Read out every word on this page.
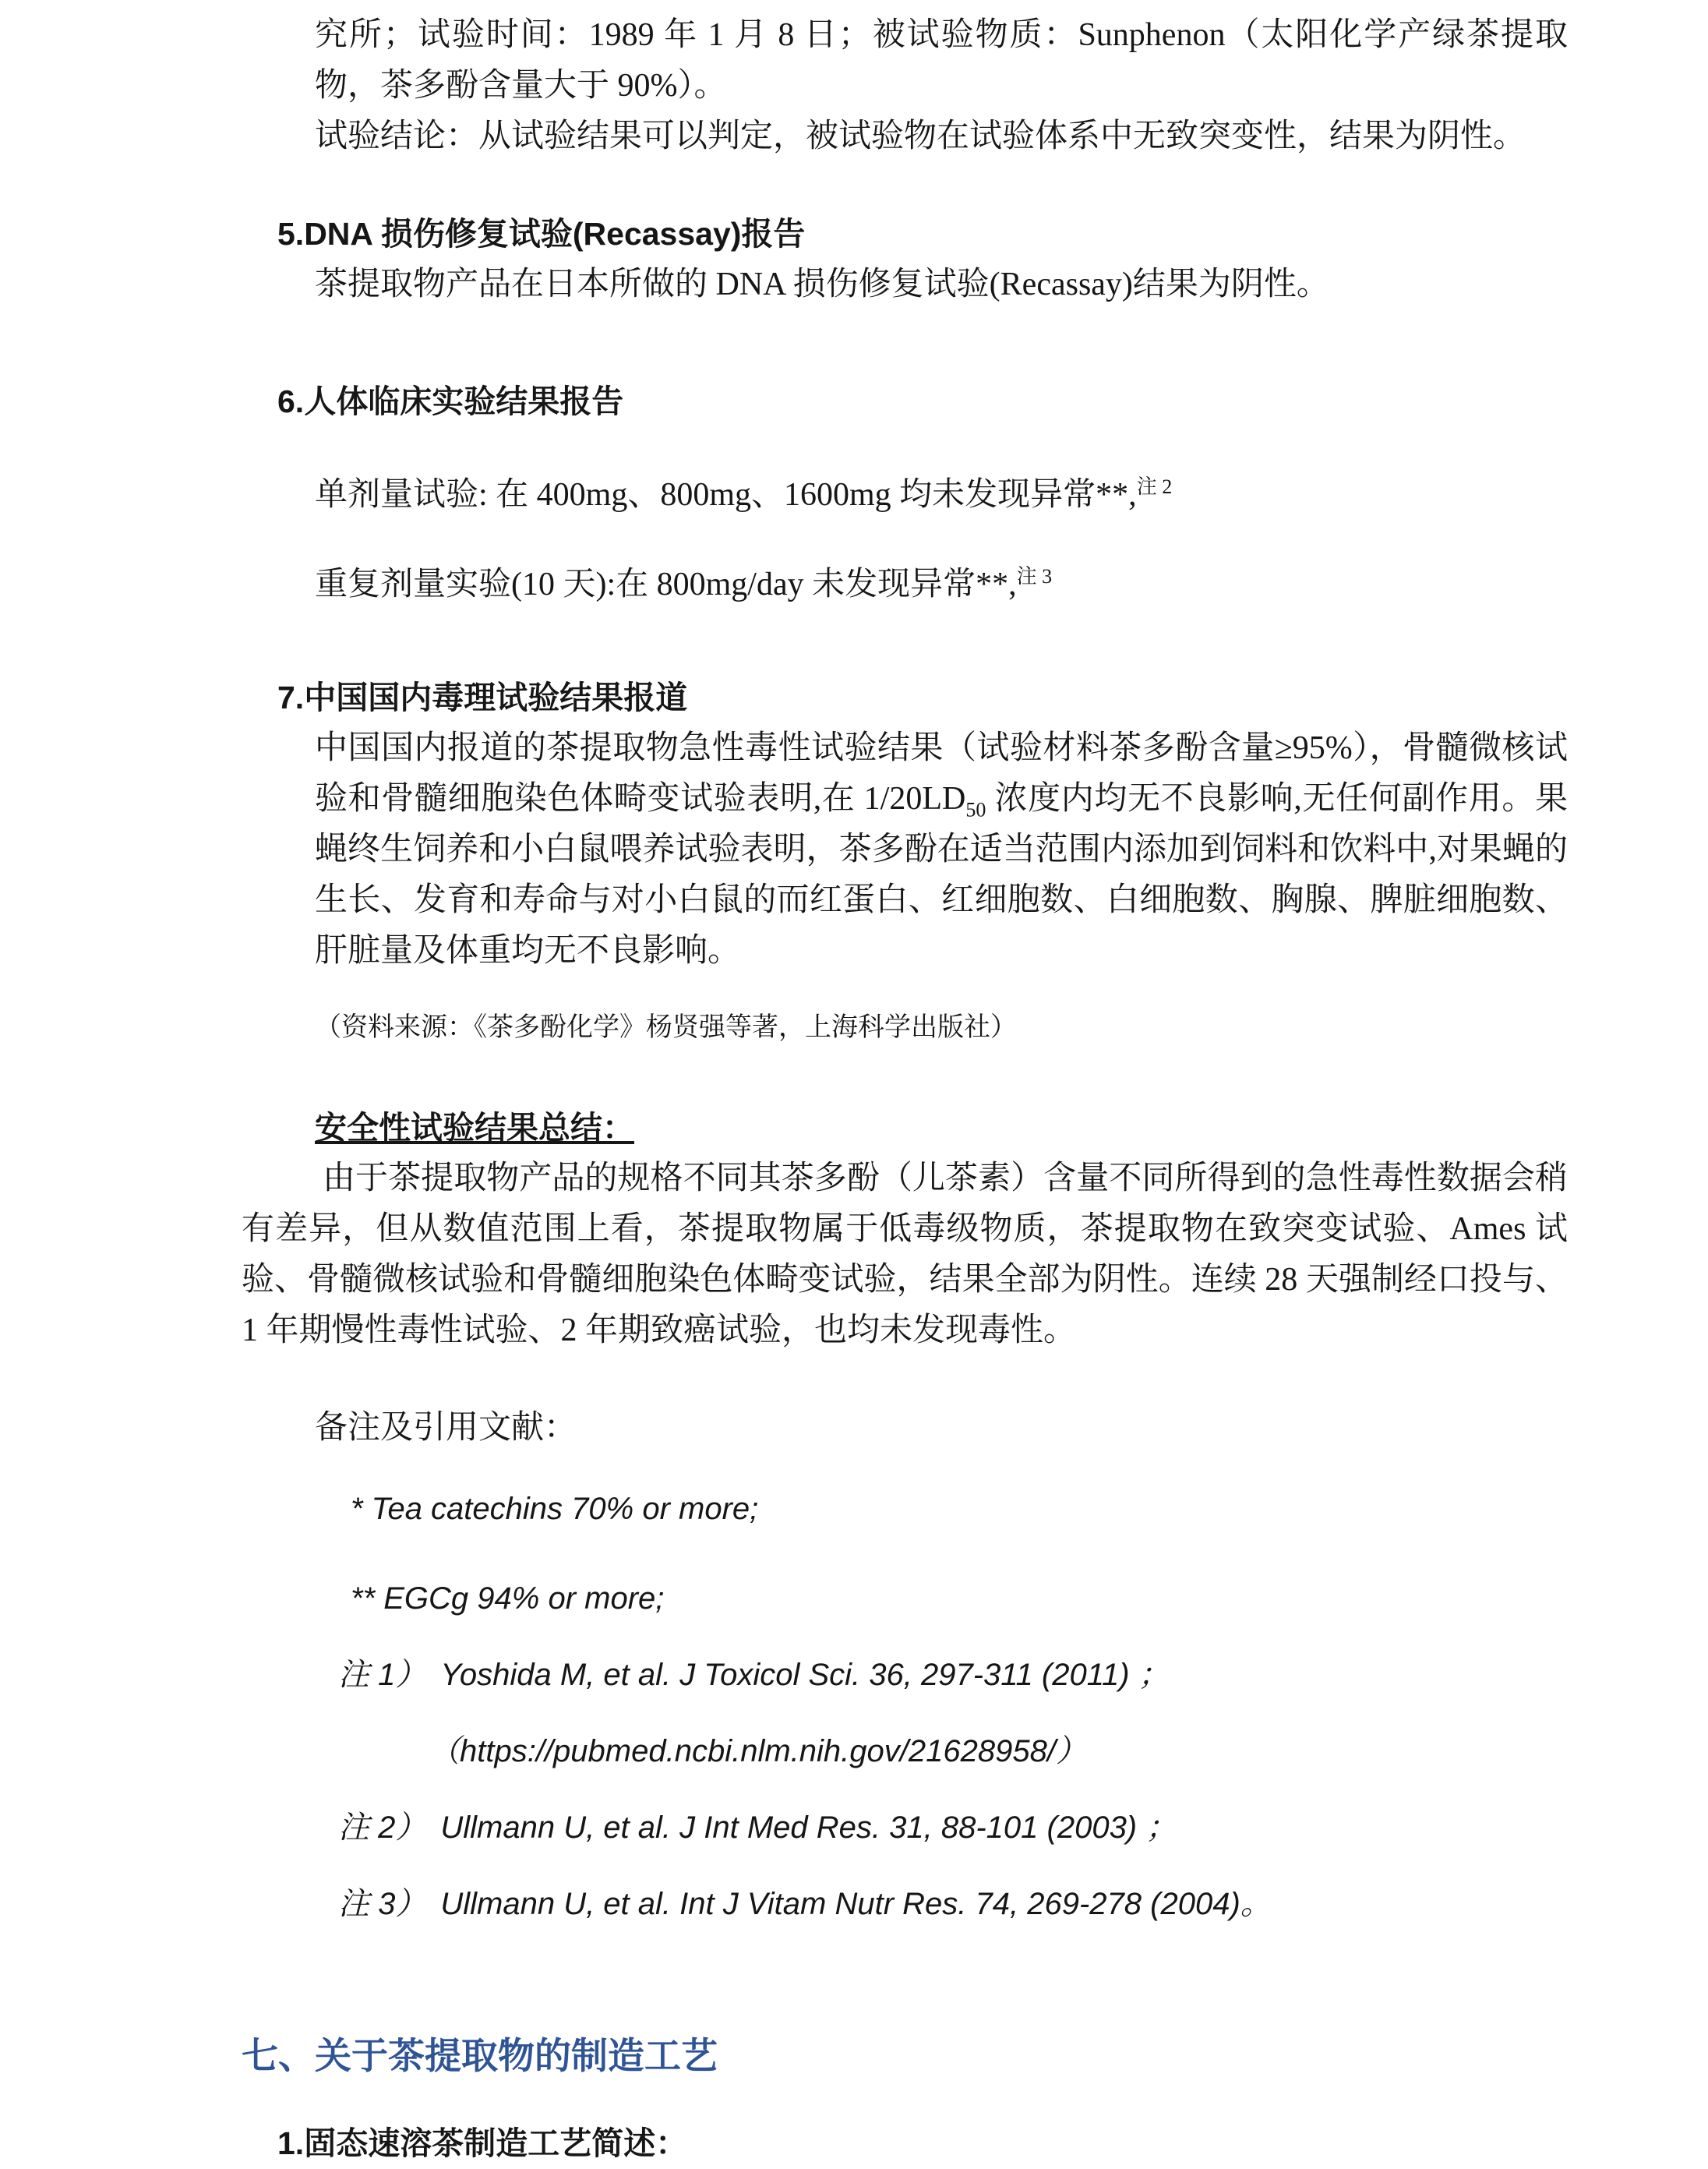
究所；试验时间：1989 年 1 月 8 日；被试验物质：Sunphenon（太阳化学产绿茶提取物，茶多酚含量大于 90%）。

试验结论：从试验结果可以判定，被试验物在试验体系中无致突变性，结果为阴性。

5.DNA 损伤修复试验(Recassay)报告

茶提取物产品在日本所做的 DNA 损伤修复试验(Recassay)结果为阴性。

6.人体临床实验结果报告

单剂量试验: 在 400mg、800mg、1600mg 均未发现异常**,$^{注 2}$

重复剂量实验(10 天):在 800mg/day 未发现异常**,$^{注 3}$

7.中国国内毒理试验结果报道

中国国内报道的茶提取物急性毒性试验结果（试验材料茶多酚含量≥95%），骨髓微核试验和骨髓细胞染色体畸变试验表明,在 $1/20LD_{50}$ 浓度内均无不良影响,无任何副作用。果蝇终生饲养和小白鼠喂养试验表明，茶多酚在适当范围内添加到饲料和饮料中,对果蝇的生长、发育和寿命与对小白鼠的而红蛋白、红细胞数、白细胞数、胸腺、脾脏细胞数、肝脏量及体重均无不良影响。

（资料来源：《茶多酚化学》杨贤强等著，上海科学出版社）

安全性试验结果总结：

由于茶提取物产品的规格不同其茶多酚（儿茶素）含量不同所得到的急性毒性数据会稍有差异，但从数值范围上看，茶提取物属于低毒级物质，茶提取物在致突变试验、Ames 试验、骨髓微核试验和骨髓细胞染色体畸变试验，结果全部为阴性。连续 28 天强制经口投与、1 年期慢性毒性试验、2 年期致癌试验，也均未发现毒性。

备注及引用文献：

* Tea catechins 70% or more;

** EGCg 94% or more;

注 1） Yoshida M, et al. J Toxicol Sci. 36, 297-311 (2011) ；

（https://pubmed.ncbi.nlm.nih.gov/21628958/）

注 2） Ullmann U, et al. J Int Med Res. 31, 88-101 (2003) ；

注 3） Ullmann U, et al. Int J Vitam Nutr Res. 74, 269-278 (2004)。

七、关于茶提取物的制造工艺
1.固态速溶茶制造工艺简述：
